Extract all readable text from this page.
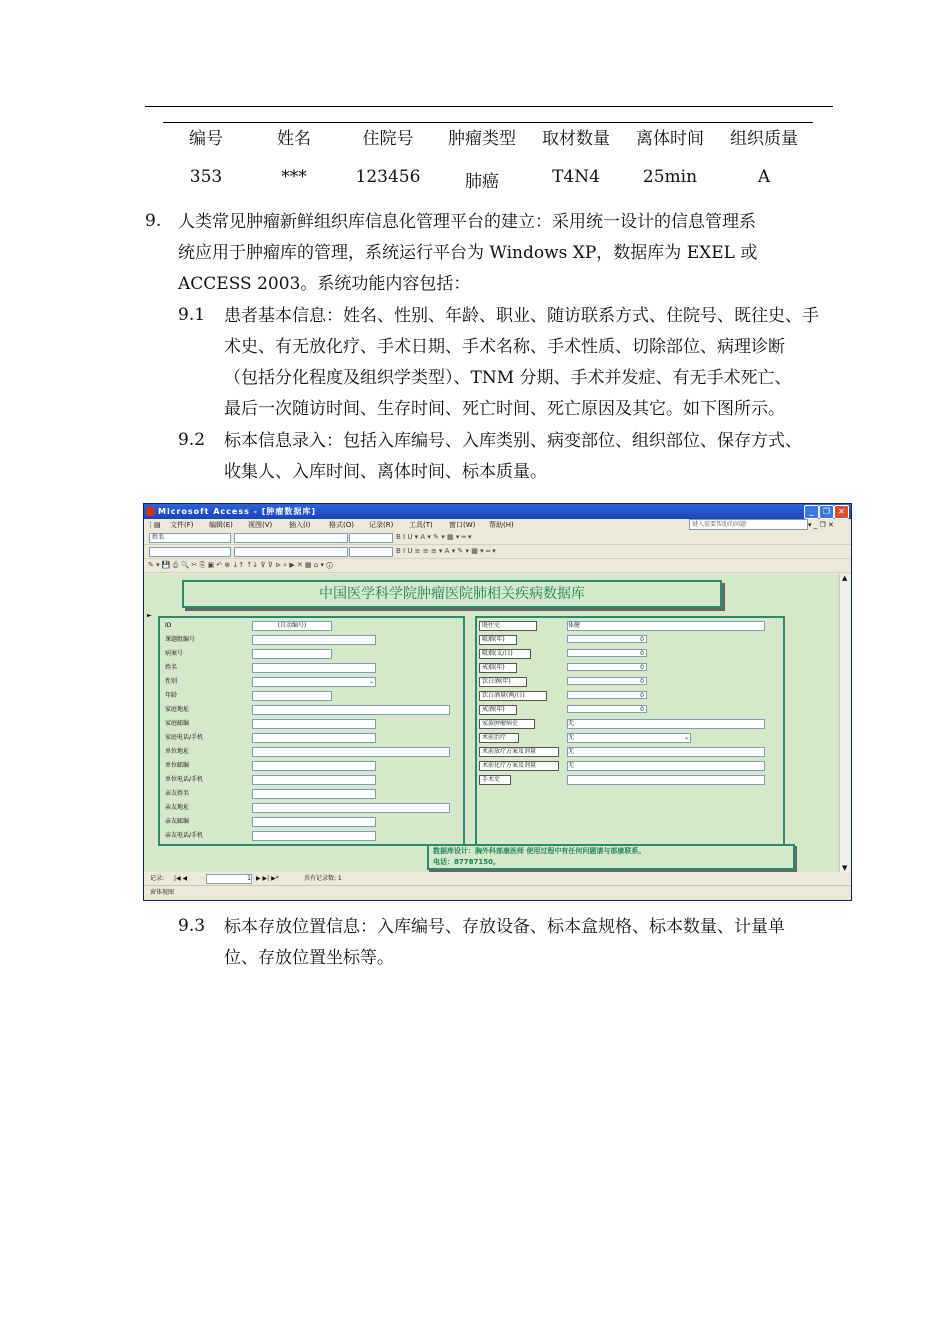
编号	姓名	住院号	肿瘤类型	取材数量	离体时间	组织质量
353	***	123456	肺癌	T4N4	25min	A
9. 人类常见肿瘤新鲜组织库信息化管理平台的建立：采用统一设计的信息管理系
统应用于肿瘤库的管理，系统运行平台为 Windows XP，数据库为 EXEL 或
ACCESS 2003。系统功能内容包括：
9.1 患者基本信息：姓名、性别、年龄、职业、随访联系方式、住院号、既往史、手
术史、有无放化疗、手术日期、手术名称、手术性质、切除部位、病理诊断
（包括分化程度及组织学类型）、TNM 分期、手术并发症、有无手术死亡、
最后一次随访时间、生存时间、死亡时间、死亡原因及其它。如下图所示。
9.2 标本信息录入：包括入库编号、入库类别、病变部位、组织部位、保存方式、
收集人、入库时间、离体时间、标本质量。
Microsoft Access - [肿瘤数据库]	_	❐	✕
⋮▤ 文件(F) 编辑(E) 视图(V) 插入(I)	格式(O) 记录(R) 工具(T) 窗口(W) 帮助(H)	键入需要帮助的问题	▾ _ ❐ ✕
姓名	B I U ▾ A ▾ ✎ ▾ ▦ ▾ ═ ▾
B I U ≡ ≡ ≡ ▾ A ▾ ✎ ▾ ▦ ▾ ═ ▾
✎ ▾ 💾 ⎙ 🔍 ✂ ⎘ ▣ ↶ ⊕ ↓↑ ↑↓ ⊽ ⊽ ⊳ ⌕ ▶ ✕ ▦ ⌂ ▾ ⓘ
中国医学科学院肿瘤医院肺相关疾病数据库
►
ID	(自动编号)
课题组编号
病案号
姓名
性别	⌄
年龄
家庭地址
家庭邮编
家庭电话/手机
单位地址
单位邮编
单位电话/手机
亲友姓名
亲友地址
亲友邮编
亲友电话/手机
既往史	体健
吸烟(年)	0
吸烟(支/日)	0
戒烟(年)	0
饮白酒(年)	0
饮白酒量(两/日)	0
戒酒(年)	0
家族肿瘤病史	无
术前治疗	无	⌄
术前放疗方案及剂量	无
术前化疗方案及剂量	无
手术史
数据库设计：胸外科部康医师 使用过程中有任何问题请与部康联系。
电话：87787150。
▲
▼
记录: |◀ ◀	1 ▶ ▶| ▶*	共有记录数: 1
窗体视图
9.3 标本存放位置信息：入库编号、存放设备、标本盒规格、标本数量、计量单
位、存放位置坐标等。
